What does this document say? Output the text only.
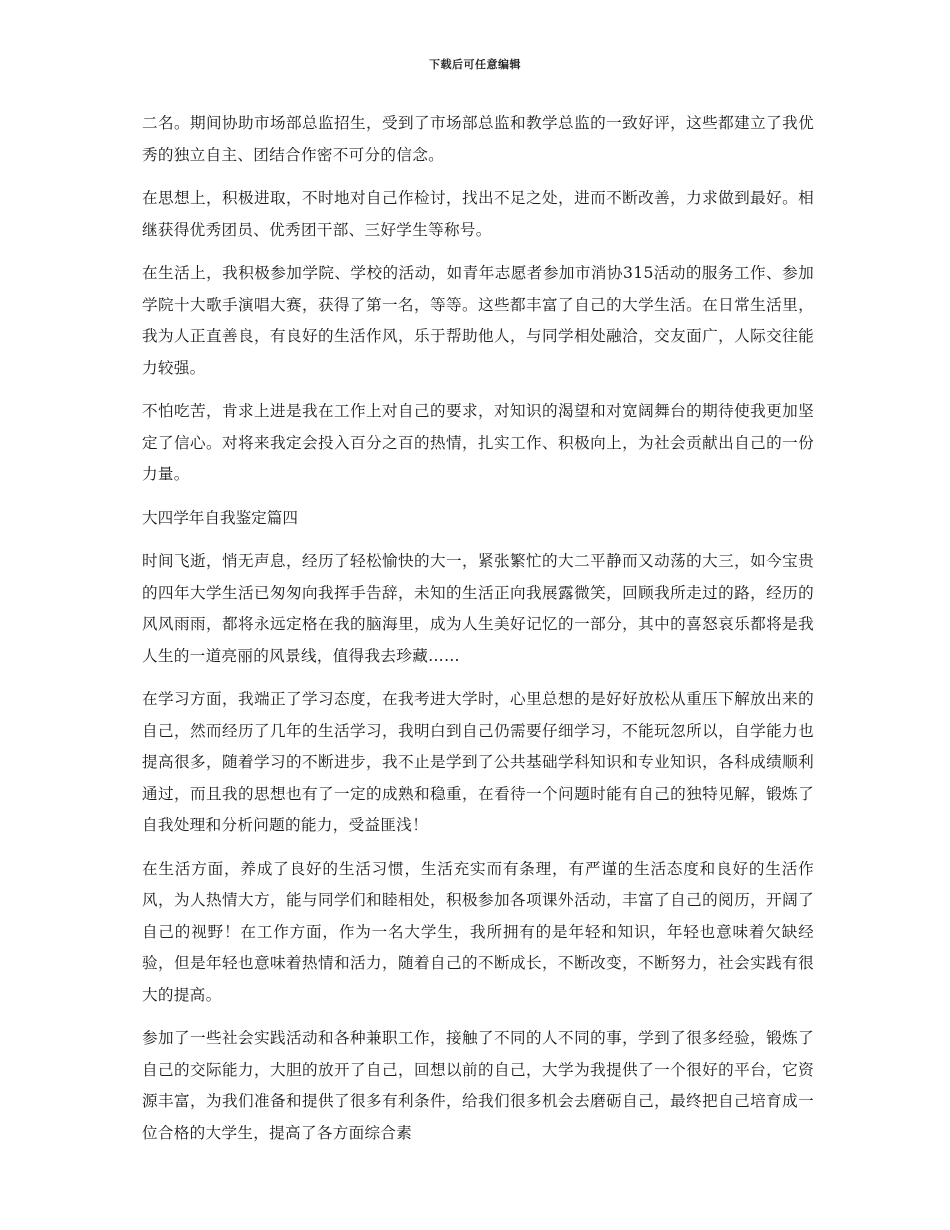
下载后可任意编辑

二名。期间协助市场部总监招生，受到了市场部总监和教学总监的一致好评，这些都建立了我优秀的独立自主、团结合作密不可分的信念。

在思想上，积极进取，不时地对自己作检讨，找出不足之处，进而不断改善，力求做到最好。相继获得优秀团员、优秀团干部、三好学生等称号。

在生活上，我积极参加学院、学校的活动，如青年志愿者参加市消协315活动的服务工作、参加学院十大歌手演唱大赛，获得了第一名，等等。这些都丰富了自己的大学生活。在日常生活里，我为人正直善良，有良好的生活作风，乐于帮助他人，与同学相处融洽，交友面广，人际交往能力较强。

不怕吃苦，肯求上进是我在工作上对自己的要求，对知识的渴望和对宽阔舞台的期待使我更加坚定了信心。对将来我定会投入百分之百的热情，扎实工作、积极向上，为社会贡献出自己的一份力量。

大四学年自我鉴定篇四

时间飞逝，悄无声息，经历了轻松愉快的大一，紧张繁忙的大二平静而又动荡的大三，如今宝贵的四年大学生活已匆匆向我挥手告辞，未知的生活正向我展露微笑，回顾我所走过的路，经历的风风雨雨，都将永远定格在我的脑海里，成为人生美好记忆的一部分，其中的喜怒哀乐都将是我人生的一道亮丽的风景线，值得我去珍藏……

在学习方面，我端正了学习态度，在我考进大学时，心里总想的是好好放松从重压下解放出来的自己，然而经历了几年的生活学习，我明白到自己仍需要仔细学习，不能玩忽所以，自学能力也提高很多，随着学习的不断进步，我不止是学到了公共基础学科知识和专业知识，各科成绩顺利通过，而且我的思想也有了一定的成熟和稳重，在看待一个问题时能有自己的独特见解，锻炼了自我处理和分析问题的能力，受益匪浅！

在生活方面，养成了良好的生活习惯，生活充实而有条理，有严谨的生活态度和良好的生活作风，为人热情大方，能与同学们和睦相处，积极参加各项课外活动，丰富了自己的阅历，开阔了自己的视野！在工作方面，作为一名大学生，我所拥有的是年轻和知识，年轻也意味着欠缺经验，但是年轻也意味着热情和活力，随着自己的不断成长，不断改变，不断努力，社会实践有很大的提高。

参加了一些社会实践活动和各种兼职工作，接触了不同的人不同的事，学到了很多经验，锻炼了自己的交际能力，大胆的放开了自己，回想以前的自己，大学为我提供了一个很好的平台，它资源丰富，为我们准备和提供了很多有利条件，给我们很多机会去磨砺自己，最终把自己培育成一位合格的大学生，提高了各方面综合素
